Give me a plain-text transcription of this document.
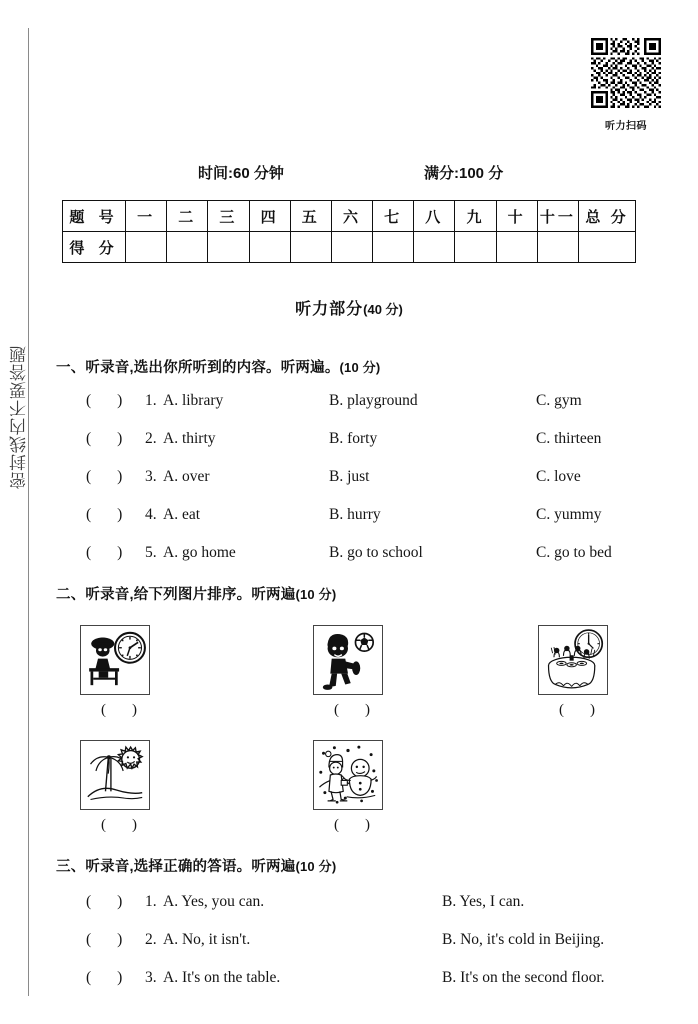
密封线内不要答题
听力扫码
时间:60 分钟	满分:100 分
题 号	一	二	三	四	五	六	七	八	九	十	十一	总 分
得 分												
听力部分(40 分)
一、听录音,选出你所听到的内容。听两遍。(10 分)
( ) 1. A. library	B. playground	C. gym
( ) 2. A. thirty	B. forty	C. thirteen
( ) 3. A. over	B. just	C. love
( ) 4. A. eat	B. hurry	C. yummy
( ) 5. A. go home	B. go to school	C. go to bed
二、听录音,给下列图片排序。听两遍(10 分)
( )	( )	( )
( )	( )
三、听录音,选择正确的答语。听两遍(10 分)
( ) 1. A. Yes, you can.	B. Yes, I can.
( ) 2. A. No, it isn't.	B. No, it's cold in Beijing.
( ) 3. A. It's on the table.	B. It's on the second floor.
